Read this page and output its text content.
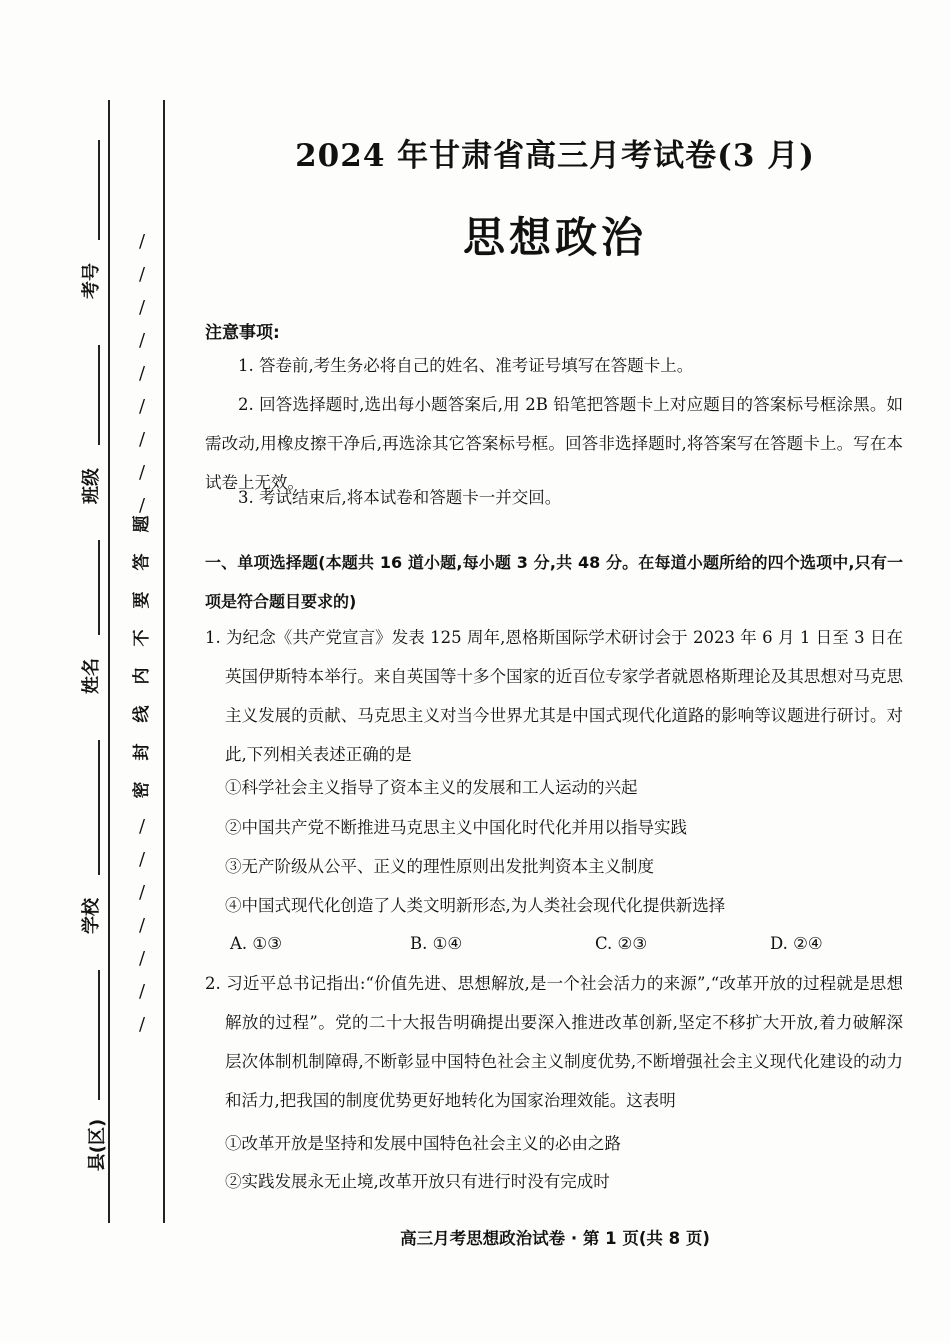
考号
班级
姓名
学校
县(区)
/
/
/
/
/
/
/
/
/
题
答
要
不
内
线
封
密
/
/
/
/
/
/
/
2024 年甘肃省高三月考试卷(3 月)
思想政治
注意事项:
1. 答卷前,考生务必将自己的姓名、准考证号填写在答题卡上。
2. 回答选择题时,选出每小题答案后,用 2B 铅笔把答题卡上对应题目的答案标号框涂黑。如需改动,用橡皮擦干净后,再选涂其它答案标号框。回答非选择题时,将答案写在答题卡上。写在本试卷上无效。
3. 考试结束后,将本试卷和答题卡一并交回。
一、单项选择题(本题共 16 道小题,每小题 3 分,共 48 分。在每道小题所给的四个选项中,只有一项是符合题目要求的)
1. 为纪念《共产党宣言》发表 125 周年,恩格斯国际学术研讨会于 2023 年 6 月 1 日至 3 日在英国伊斯特本举行。来自英国等十多个国家的近百位专家学者就恩格斯理论及其思想对马克思主义发展的贡献、马克思主义对当今世界尤其是中国式现代化道路的影响等议题进行研讨。对此,下列相关表述正确的是
①科学社会主义指导了资本主义的发展和工人运动的兴起
②中国共产党不断推进马克思主义中国化时代化并用以指导实践
③无产阶级从公平、正义的理性原则出发批判资本主义制度
④中国式现代化创造了人类文明新形态,为人类社会现代化提供新选择
A. ①③	B. ①④	C. ②③	D. ②④
2. 习近平总书记指出:“价值先进、思想解放,是一个社会活力的来源”,“改革开放的过程就是思想解放的过程”。党的二十大报告明确提出要深入推进改革创新,坚定不移扩大开放,着力破解深层次体制机制障碍,不断彰显中国特色社会主义制度优势,不断增强社会主义现代化建设的动力和活力,把我国的制度优势更好地转化为国家治理效能。这表明
①改革开放是坚持和发展中国特色社会主义的必由之路
②实践发展永无止境,改革开放只有进行时没有完成时
高三月考思想政治试卷 · 第 1 页(共 8 页)
